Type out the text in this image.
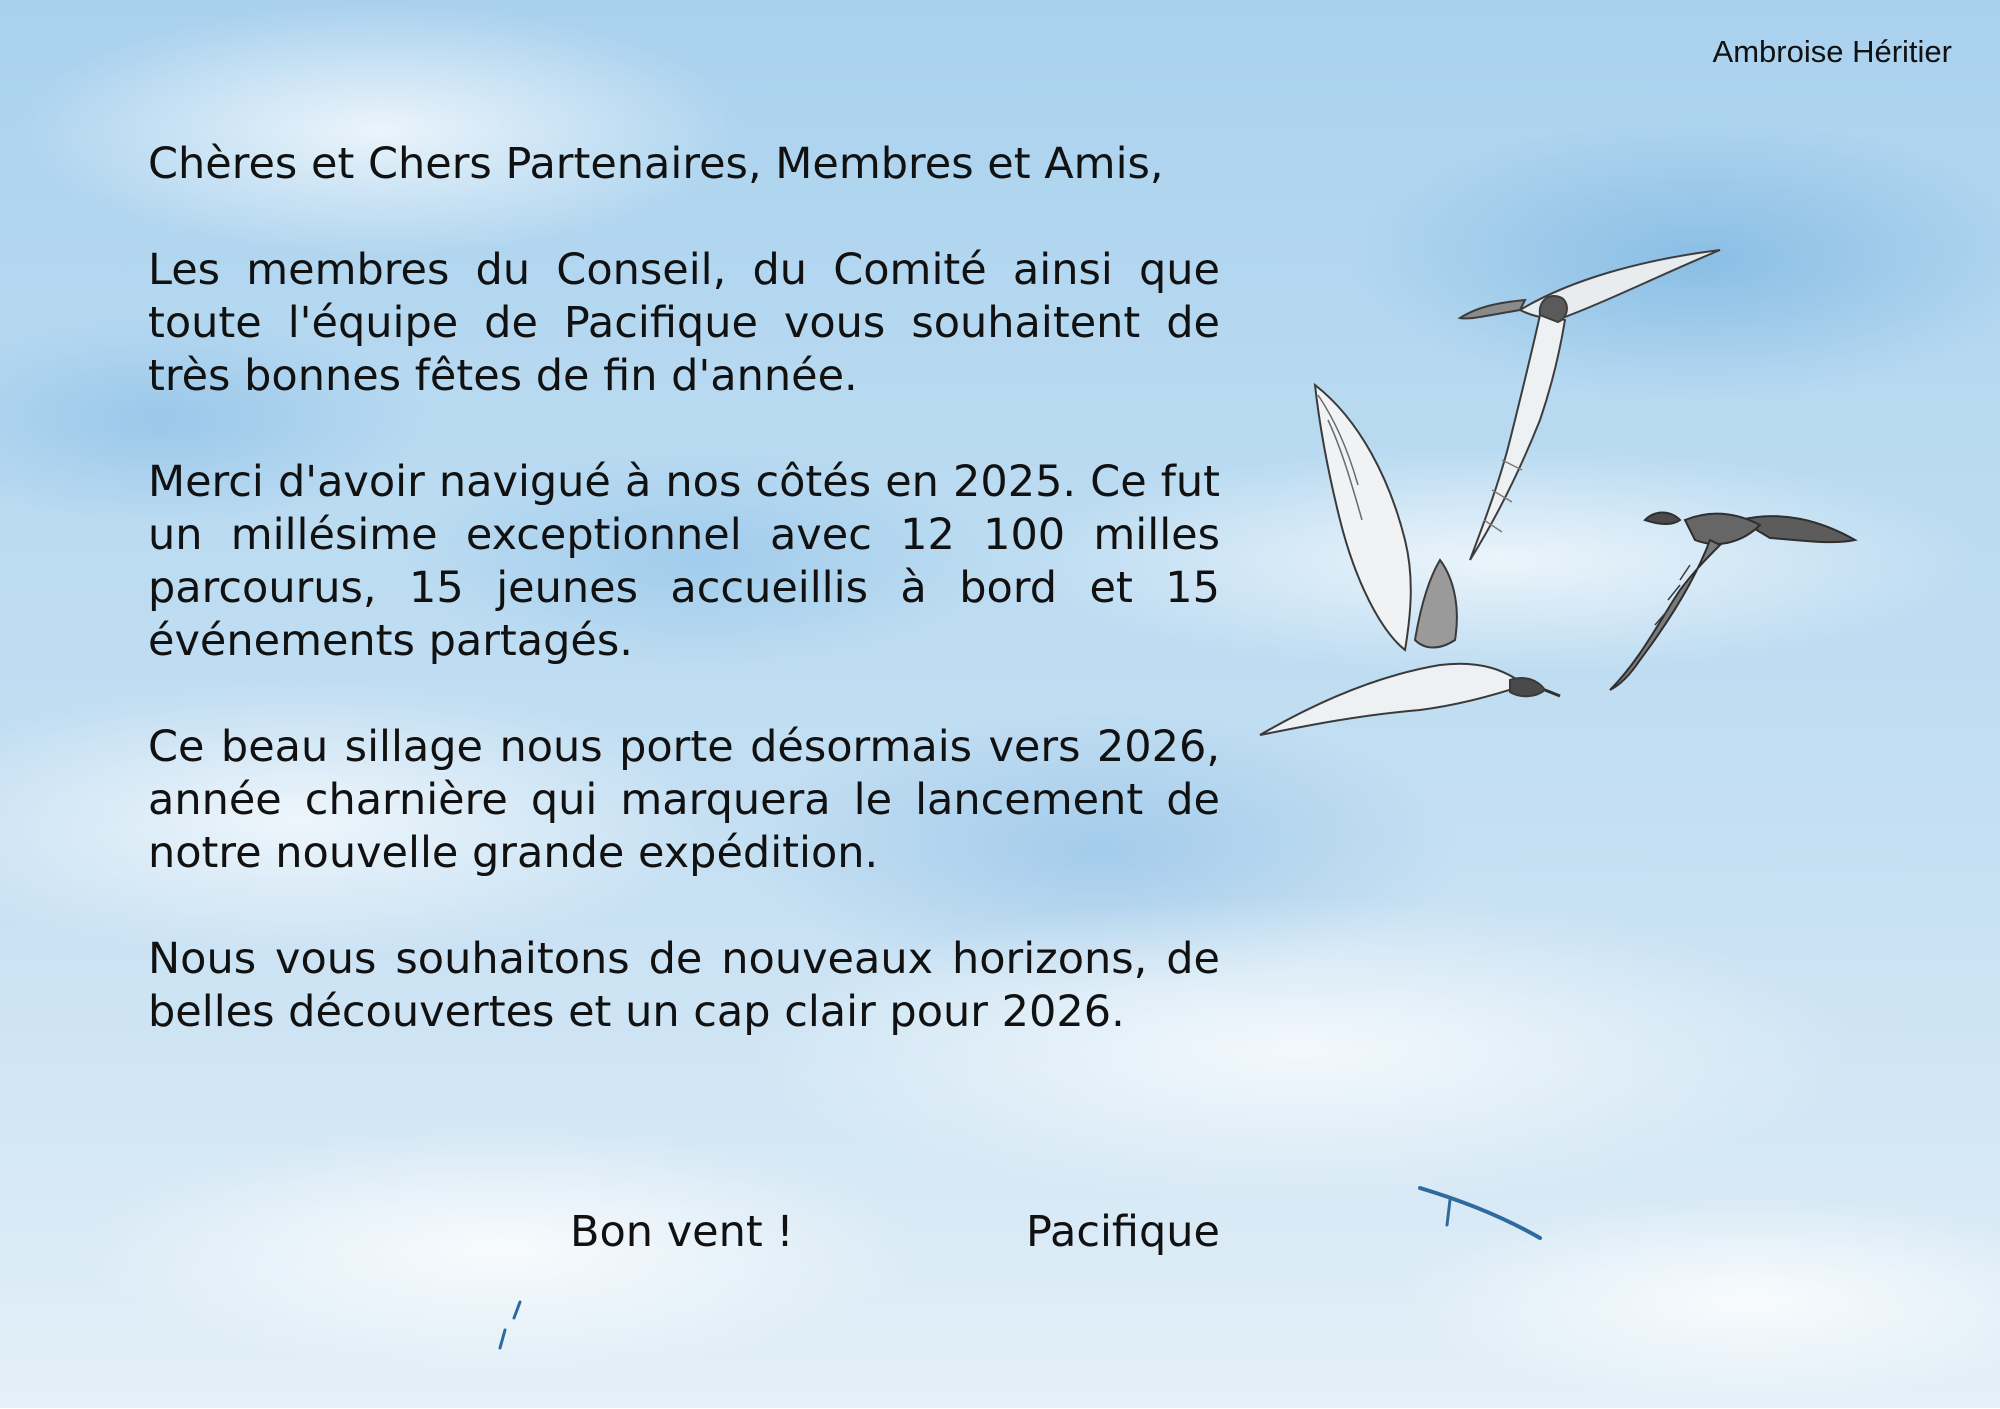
Ambroise Héritier

Chères et Chers Partenaires, Membres et Amis,

Les membres du Conseil, du Comité ainsi que toute l'équipe de Pacifique vous souhaitent de très bonnes fêtes de fin d'année.

Merci d'avoir navigué à nos côtés en 2025. Ce fut un millésime exceptionnel avec 12 100 milles parcourus, 15 jeunes accueillis à bord et 15 événements partagés.

Ce beau sillage nous porte désormais vers 2026, année charnière qui marquera le lancement de notre nouvelle grande expédition.

Nous vous souhaitons de nouveaux horizons, de belles découvertes et un cap clair pour 2026.

Bon vent !	Pacifique
